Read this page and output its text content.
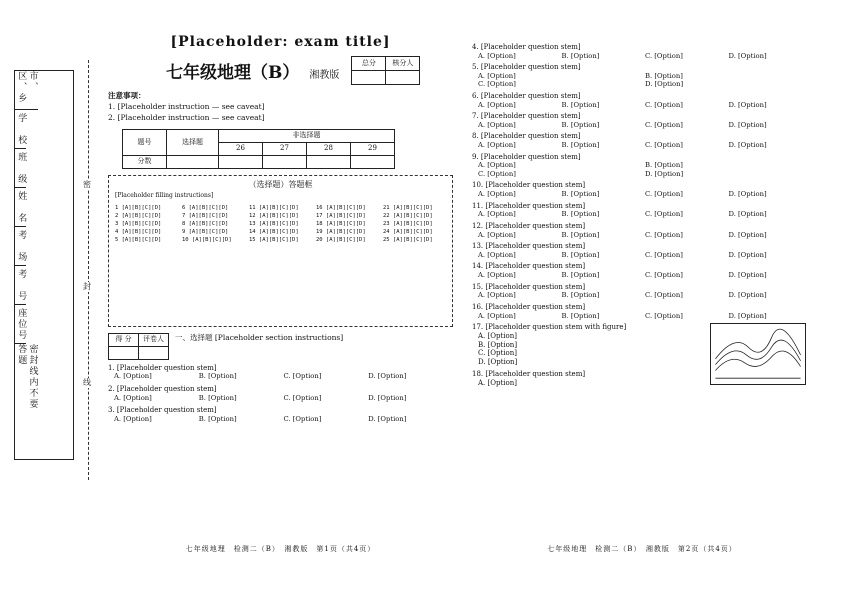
市、区、乡
学　校
班　级
姓　名
考　场
考　号
座位号
密封线内不要答题
密
封
线
[Placeholder: exam title]
七年级地理（B） 湘教版
总分	核分人

注意事项：

1. [Placeholder instruction — see caveat]

2. [Placeholder instruction — see caveat]

题号	选择题	非选择题			
		26	27	28	29
分数					
（选择题）答题框
[Placeholder filling instructions]
1 [A][B][C][D]	6 [A][B][C][D]	11 [A][B][C][D]	16 [A][B][C][D]	21 [A][B][C][D]
2 [A][B][C][D]	7 [A][B][C][D]	12 [A][B][C][D]	17 [A][B][C][D]	22 [A][B][C][D]
3 [A][B][C][D]	8 [A][B][C][D]	13 [A][B][C][D]	18 [A][B][C][D]	23 [A][B][C][D]
4 [A][B][C][D]	9 [A][B][C][D]	14 [A][B][C][D]	19 [A][B][C][D]	24 [A][B][C][D]
5 [A][B][C][D]	10 [A][B][C][D]	15 [A][B][C][D]	20 [A][B][C][D]	25 [A][B][C][D]
得 分	评卷人
	一、选择题 [Placeholder section instructions]
1. [Placeholder question stem]
A. [Option]	B. [Option]	C. [Option]	D. [Option]
2. [Placeholder question stem]
A. [Option]	B. [Option]	C. [Option]	D. [Option]
3. [Placeholder question stem]
A. [Option]	B. [Option]	C. [Option]	D. [Option]
七年级地理　检测二（B）　湘教版　第1页（共4页）
4. [Placeholder question stem]
A. [Option]	B. [Option]	C. [Option]	D. [Option]
5. [Placeholder question stem]
A. [Option]	B. [Option]
C. [Option]	D. [Option]
6. [Placeholder question stem]
A. [Option]	B. [Option]	C. [Option]	D. [Option]
7. [Placeholder question stem]
A. [Option]	B. [Option]	C. [Option]	D. [Option]
8. [Placeholder question stem]
A. [Option]	B. [Option]	C. [Option]	D. [Option]
9. [Placeholder question stem]
A. [Option]	B. [Option]
C. [Option]	D. [Option]
10. [Placeholder question stem]
A. [Option]	B. [Option]	C. [Option]	D. [Option]
11. [Placeholder question stem]
A. [Option]	B. [Option]	C. [Option]	D. [Option]
12. [Placeholder question stem]
A. [Option]	B. [Option]	C. [Option]	D. [Option]
13. [Placeholder question stem]
A. [Option]	B. [Option]	C. [Option]	D. [Option]
14. [Placeholder question stem]
A. [Option]	B. [Option]	C. [Option]	D. [Option]
15. [Placeholder question stem]
A. [Option]	B. [Option]	C. [Option]	D. [Option]
16. [Placeholder question stem]
A. [Option]	B. [Option]	C. [Option]	D. [Option]
17. [Placeholder question stem with figure]
A. [Option]
B. [Option]
C. [Option]
D. [Option]
18. [Placeholder question stem]
A. [Option]
七年级地理　检测二（B）　湘教版　第2页（共4页）
